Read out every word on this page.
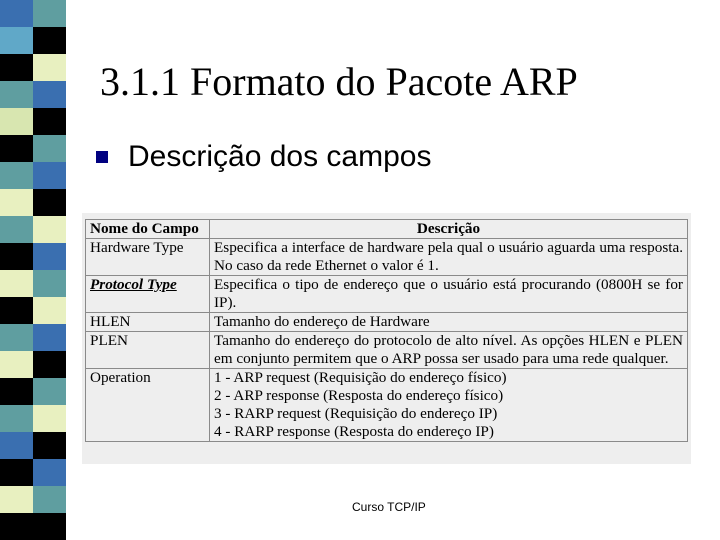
3.1.1 Formato do Pacote ARP
Descrição dos campos
Nome do Campo	Descrição
Hardware Type	Especifica a interface de hardware pela qual o usuário aguarda uma resposta. No caso da rede Ethernet o valor é 1.

Protocol Type	Especifica o tipo de endereço que o usuário está procurando (0800H se for IP).

HLEN	Tamanho do endereço de Hardware

PLEN	Tamanho do endereço do protocolo de alto nível. As opções HLEN e PLEN em conjunto permitem que o ARP possa ser usado para uma rede qualquer.

Operation	1 - ARP request (Requisição do endereço físico)
2 - ARP response (Resposta do endereço físico)
3 - RARP request (Requisição do endereço IP)
4 - RARP response (Resposta do endereço IP)
Curso TCP/IP
